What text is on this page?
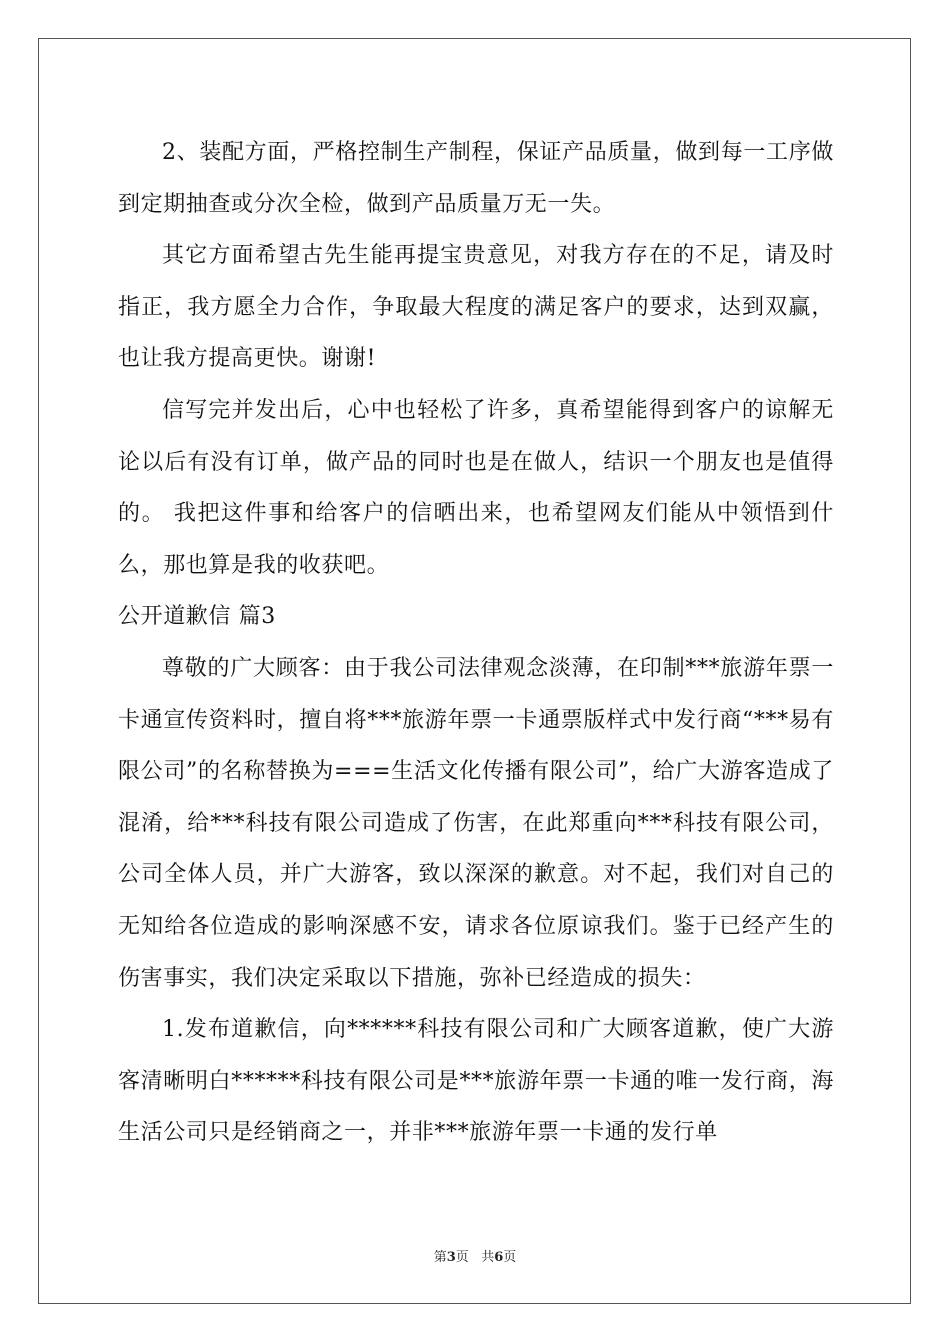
2、装配方面，严格控制生产制程，保证产品质量，做到每一工序做到定期抽查或分次全检，做到产品质量万无一失。

其它方面希望古先生能再提宝贵意见，对我方存在的不足，请及时指正，我方愿全力合作，争取最大程度的满足客户的要求，达到双赢，也让我方提高更快。谢谢!

信写完并发出后，心中也轻松了许多，真希望能得到客户的谅解无论以后有没有订单，做产品的同时也是在做人，结识一个朋友也是值得的。 我把这件事和给客户的信晒出来，也希望网友们能从中领悟到什么，那也算是我的收获吧。

公开道歉信 篇3

尊敬的广大顾客：由于我公司法律观念淡薄，在印制***旅游年票一卡通宣传资料时，擅自将***旅游年票一卡通票版样式中发行商“***易有限公司”的名称替换为===生活文化传播有限公司”，给广大游客造成了混淆，给***科技有限公司造成了伤害，在此郑重向***科技有限公司，公司全体人员，并广大游客，致以深深的歉意。对不起，我们对自己的无知给各位造成的影响深感不安，请求各位原谅我们。鉴于已经产生的伤害事实，我们决定采取以下措施，弥补已经造成的损失：

1.发布道歉信，向******科技有限公司和广大顾客道歉，使广大游客清晰明白******科技有限公司是***旅游年票一卡通的唯一发行商，海生活公司只是经销商之一，并非***旅游年票一卡通的发行单

第3页 共6页
